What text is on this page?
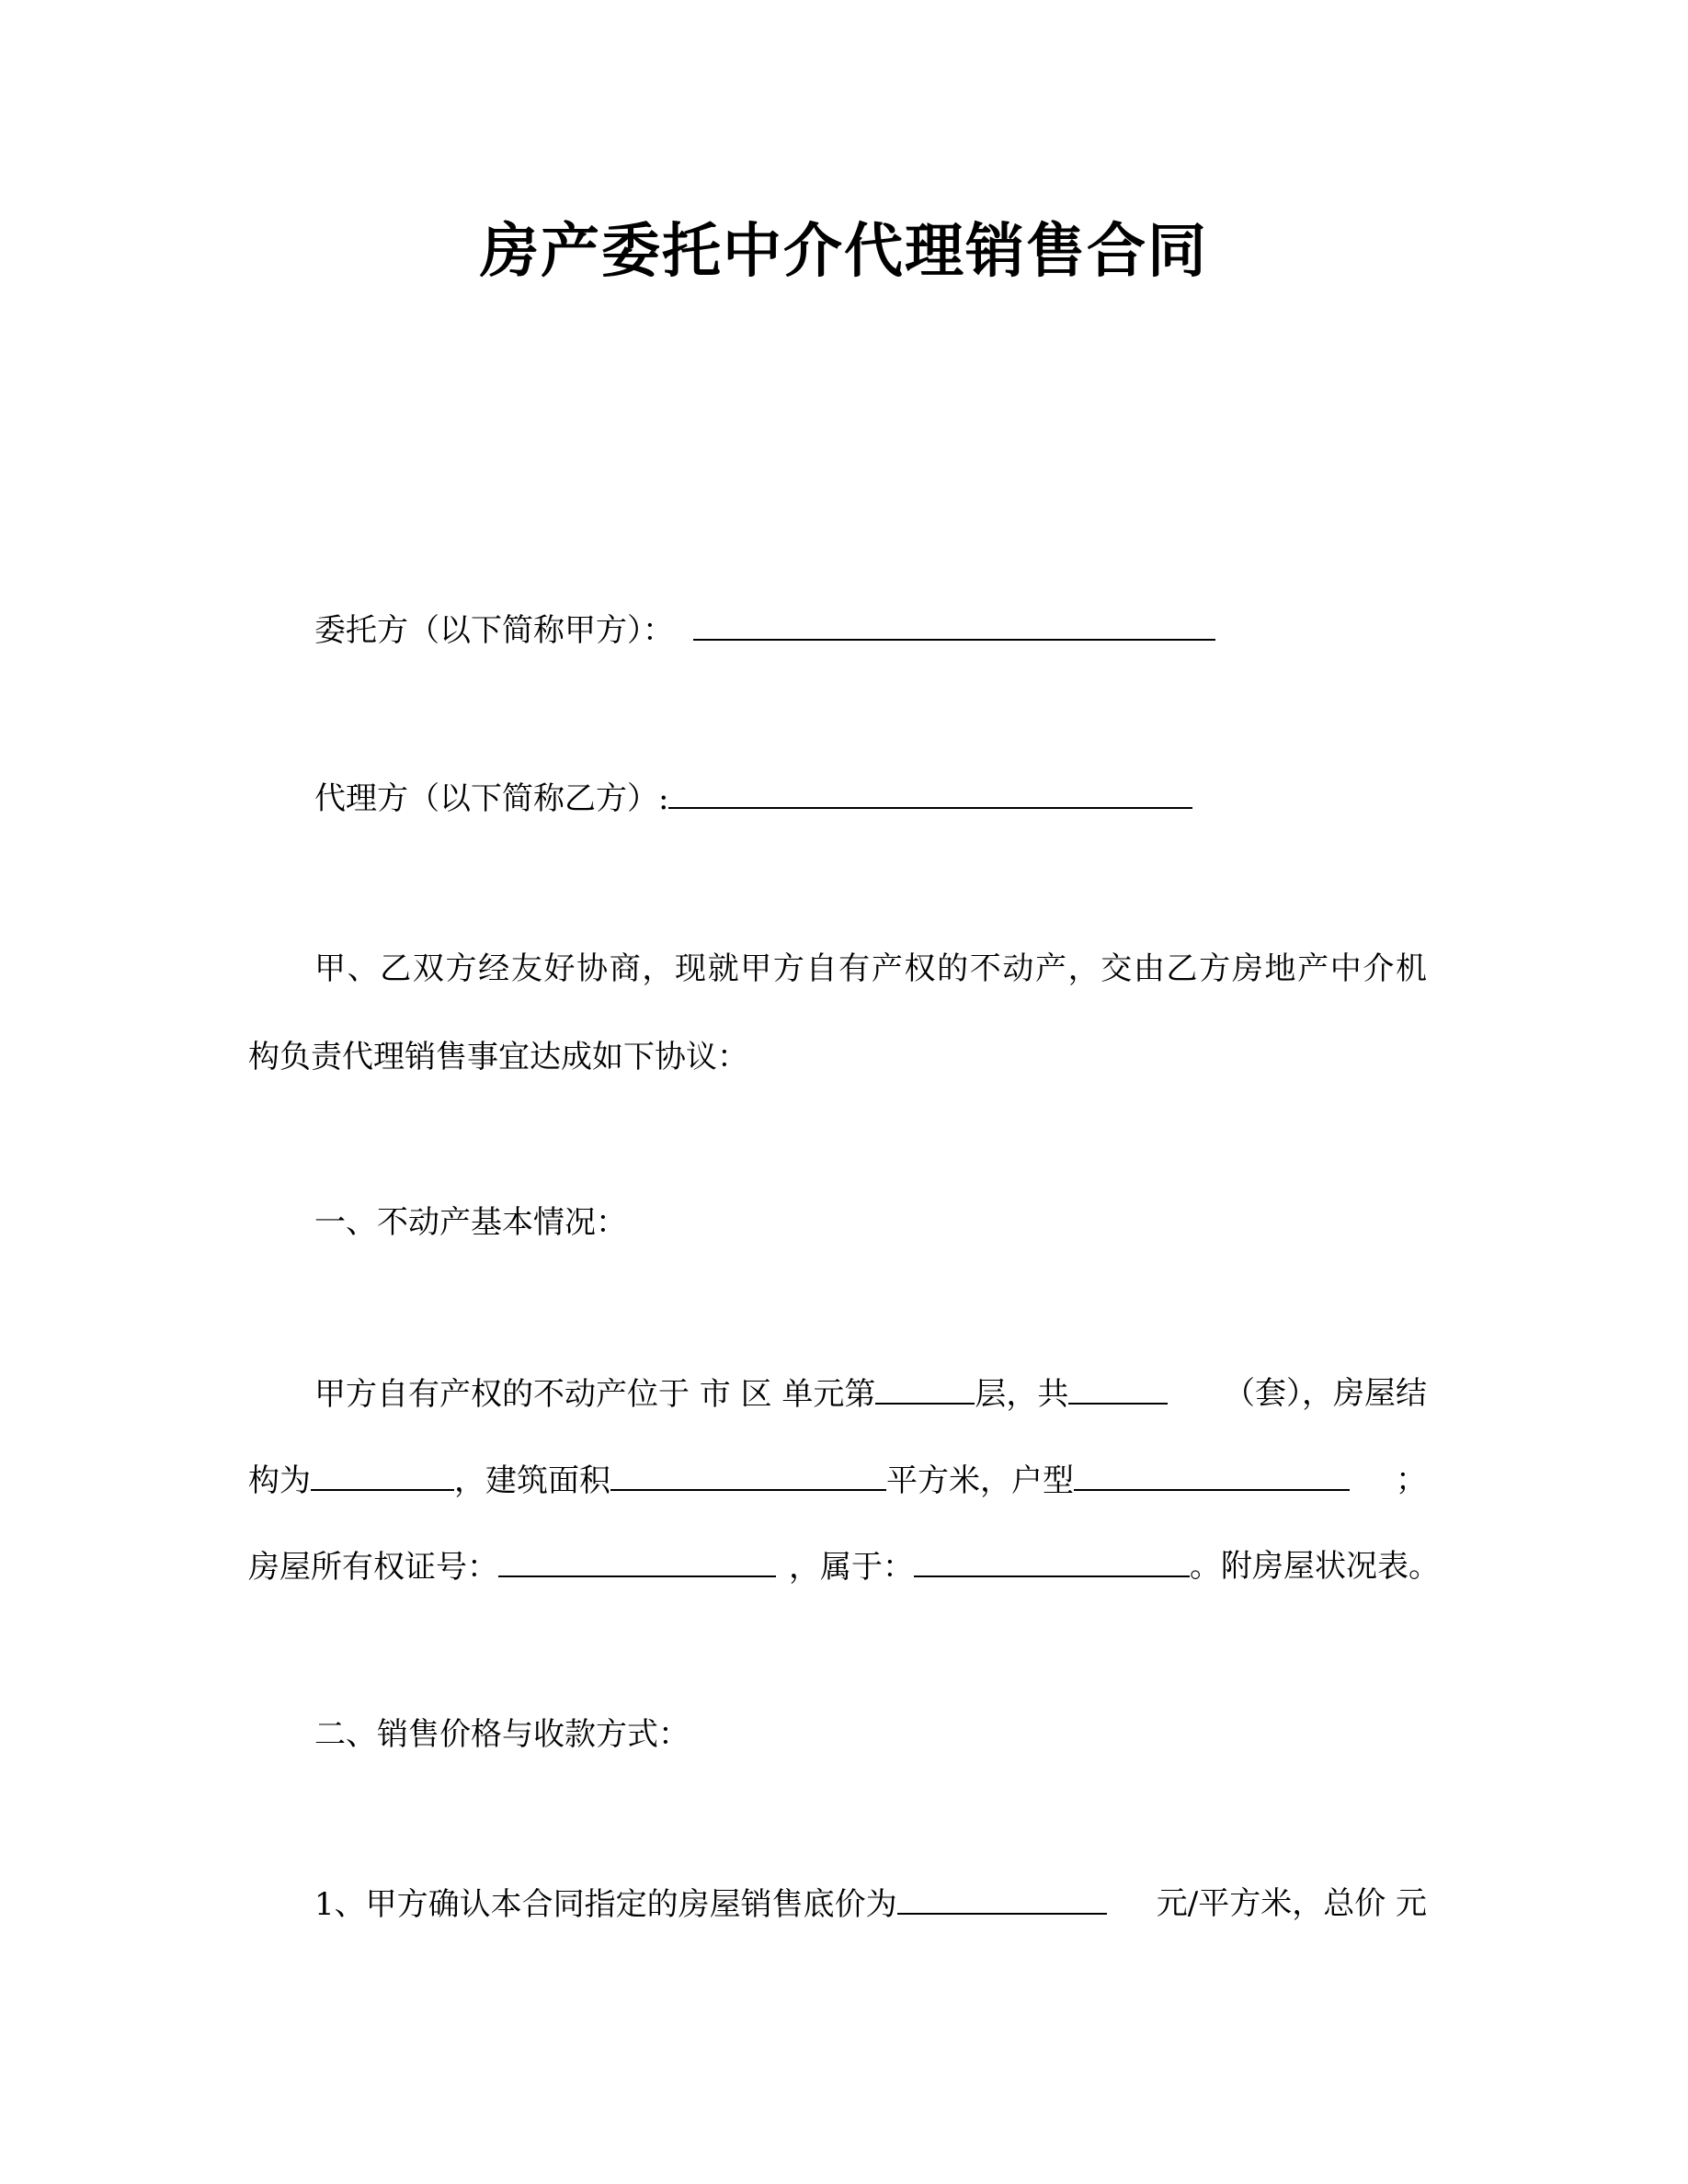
房产委托中介代理销售合同
委托方（以下简称甲方）：
代理方（以下简称乙方）:
甲、乙双方经友好协商，现就甲方自有产权的不动产，交由乙方房地产中介机
构负责代理销售事宜达成如下协议：
一、不动产基本情况：
甲方自有产权的不动产位于 市 区 单元第	层，共	（套），房屋结
构为	，建筑面积	平方米，户型	；
房屋所有权证号：	，属于：	。附房屋状况表。
二、销售价格与收款方式：
1、甲方确认本合同指定的房屋销售底价为	元/平方米，总价 元
